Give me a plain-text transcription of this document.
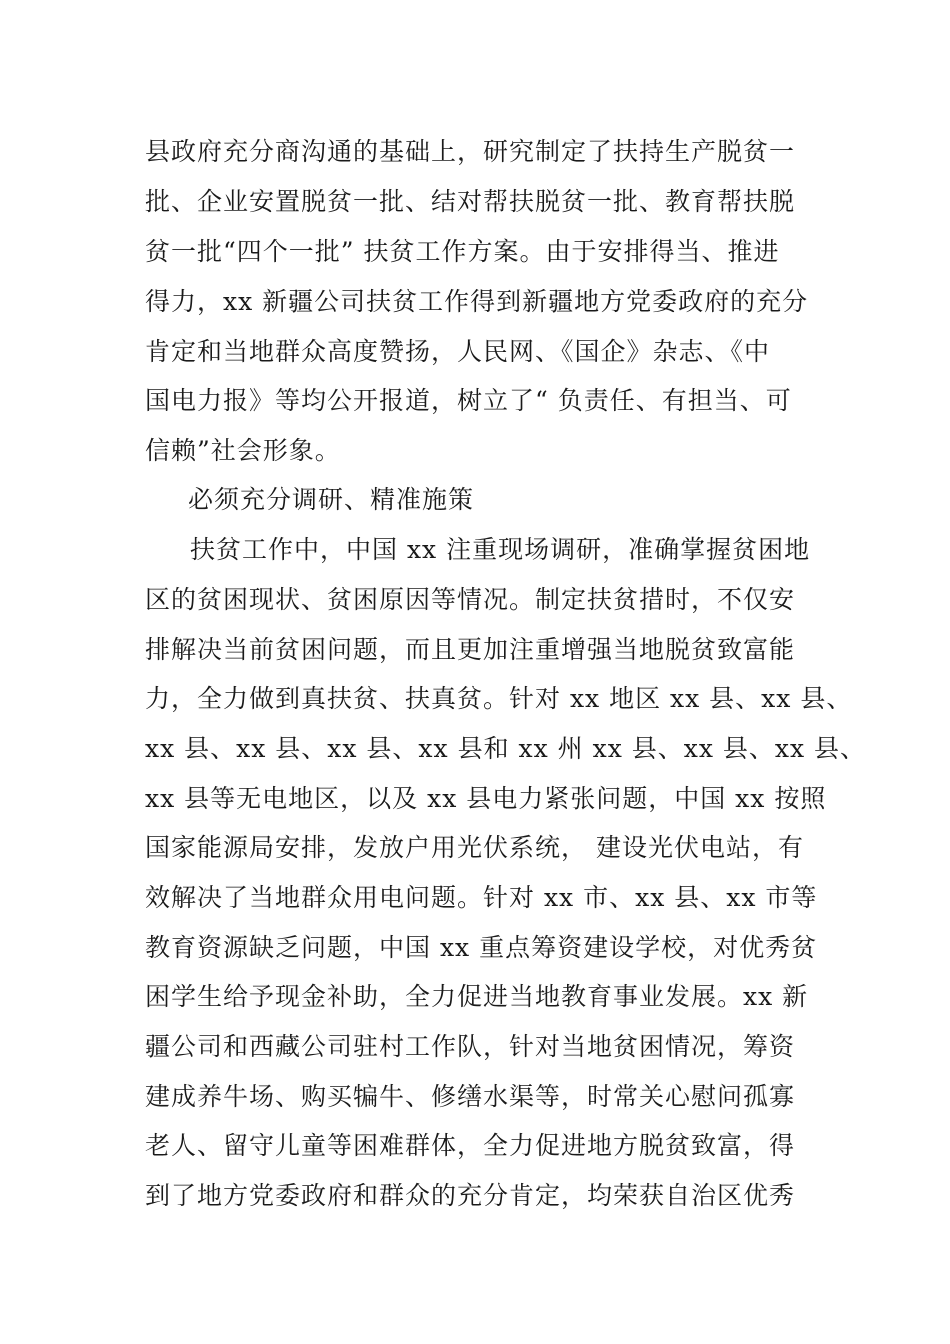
县政府充分商沟通的基础上，研究制定了扶持生产脱贫一
批、企业安置脱贫一批、结对帮扶脱贫一批、教育帮扶脱
贫一批“四个一批” 扶贫工作方案。由于安排得当、推进
得力，xx 新疆公司扶贫工作得到新疆地方党委政府的充分
肯定和当地群众高度赞扬，人民网、《国企》杂志、《中
国电力报》等均公开报道，树立了“ 负责任、有担当、可
信赖”社会形象。
必须充分调研、精准施策
扶贫工作中，中国 xx 注重现场调研，准确掌握贫困地
区的贫困现状、贫困原因等情况。制定扶贫措时，不仅安
排解决当前贫困问题，而且更加注重增强当地脱贫致富能
力，全力做到真扶贫、扶真贫。针对 xx 地区 xx 县、xx 县、
xx 县、xx 县、xx 县、xx 县和 xx 州 xx 县、xx 县、xx 县、
xx 县等无电地区，以及 xx 县电力紧张问题，中国 xx 按照
国家能源局安排，发放户用光伏系统， 建设光伏电站，有
效解决了当地群众用电问题。针对 xx 市、xx 县、xx 市等
教育资源缺乏问题，中国 xx 重点筹资建设学校，对优秀贫
困学生给予现金补助，全力促进当地教育事业发展。xx 新
疆公司和西藏公司驻村工作队，针对当地贫困情况，筹资
建成养牛场、购买犏牛、修缮水渠等，时常关心慰问孤寡
老人、留守儿童等困难群体，全力促进地方脱贫致富，得
到了地方党委政府和群众的充分肯定，均荣获自治区优秀
